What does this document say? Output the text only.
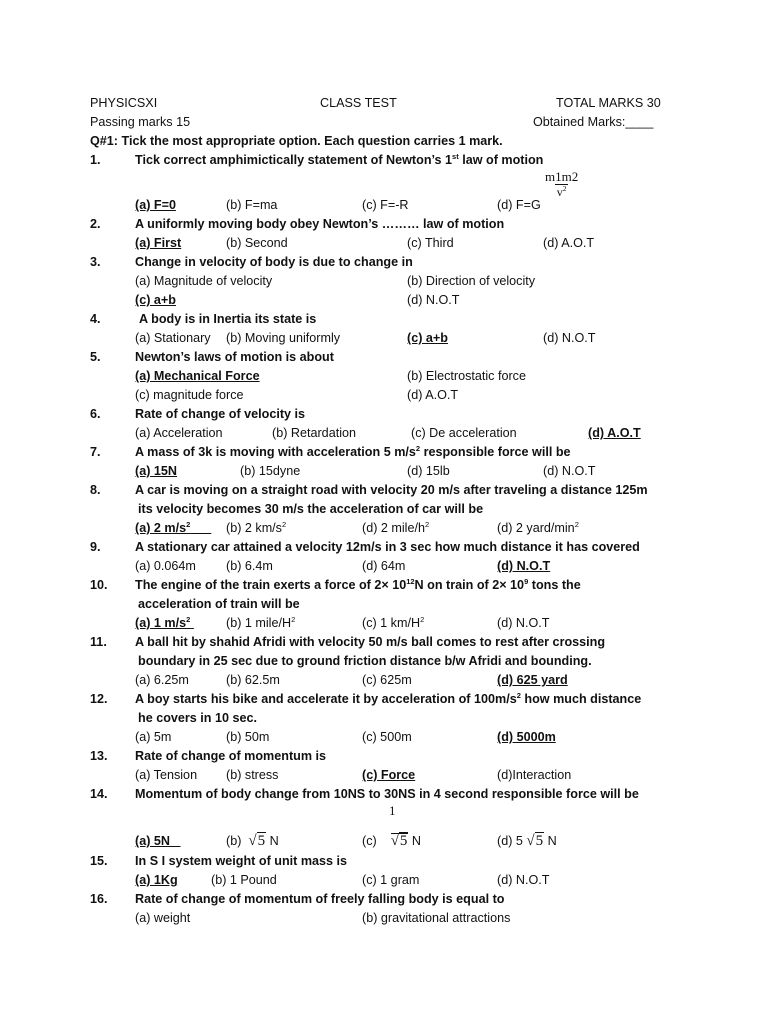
PHYSICSXI	CLASS TEST	TOTAL MARKS 30
Passing marks 15	Obtained Marks:____
Q#1: Tick the most appropriate option. Each question carries 1 mark.
1.	Tick correct amphimictically statement of Newton’s 1st law of motion
$\frac{m1m2}{v^2}$
(a) F=0	(b) F=ma	(c) F=-R	(d) F=G
2.	A uniformly moving body obey Newton’s ……… law of motion
(a) First	(b) Second	(c) Third	(d) A.O.T
3.	Change in velocity of body is due to change in
(a) Magnitude of velocity	(b) Direction of velocity
(c) a+b	(d) N.O.T
4.	A body is in Inertia its state is
(a) Stationary (b) Moving uniformly	(c) a+b	(d) N.O.T
5.	Newton’s laws of motion is about
(a) Mechanical Force	(b) Electrostatic force
(c) magnitude force	(d) A.O.T
6.	Rate of change of velocity is
(a) Acceleration	(b) Retardation	(c) De acceleration	(d) A.O.T
7.	A mass of 3k is moving with acceleration 5 $m/s^2$ responsible force will be
(a) 15N	(b) 15dyne	(d) 15lb	(d) N.O.T
8.	A car is moving on a straight road with velocity 20 m/s after traveling a distance 125m
its velocity becomes 30 m/s the acceleration of car will be
(a) 2 $m/s^2$	(b) 2 $km/s^2$	(d) 2 mile/$h^2$	(d) 2 yard/$\min^2$
9.	A stationary car attained a velocity 12m/s in 3 sec how much distance it has covered
(a) 0.064m (b) 6.4m	(d) 64m	(d) N.O.T
10. The engine of the train exerts a force of $2\times 10^{12}N$ on train of $2\times 10^9$ tons the
acceleration of train will be
(a) 1 $m/s^2$	(b) 1 mile/$H^2$	(c) 1 $km/H^2$	(d) N.O.T
11. A ball hit by shahid Afridi with velocity 50 m/s ball comes to rest after crossing
boundary in 25 sec due to ground friction distance b/w Afridi and bounding.
(a) 6.25m	(b) 62.5m	(c) 625m	(d) 625 yard
12. A boy starts his bike and accelerate it by acceleration of $100m/s^2$ how much distance
he covers in 10 sec.
(a) 5m	(b) 50m	(c) 500m	(d) 5000m
13. Rate of change of momentum is
(a) Tension (b) stress	(c) Force	(d)Interaction
14. Momentum of body change from 10NS to 30NS in 4 second responsible force will be
1
(a) 5N	(b) √5 N	(c) √5 N	(d) 5 √5 N
15. In S I system weight of unit mass is
(a) 1Kg	(b) 1 Pound	(c) 1 gram	(d) N.O.T
16. Rate of change of momentum of freely falling body is equal to
(a) weight	(b) gravitational attractions
